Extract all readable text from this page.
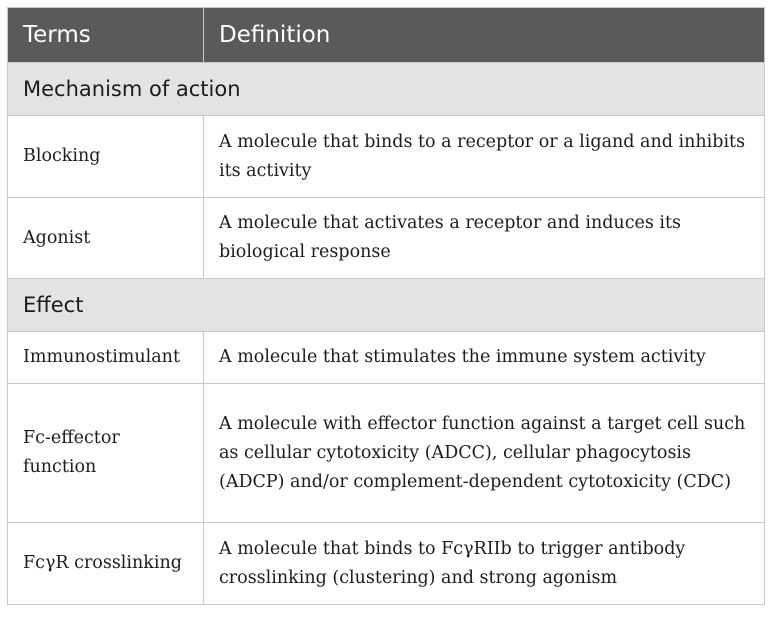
Terms	Definition
Mechanism of action	
Blocking	A molecule that binds to a receptor or a ligand and inhibits its activity
Agonist	A molecule that activates a receptor and induces its biological response
Effect	
Immunostimulant	A molecule that stimulates the immune system activity
Fc-effector function	A molecule with effector function against a target cell such as cellular cytotoxicity (ADCC), cellular phagocytosis (ADCP) and/or complement-dependent cytotoxicity (CDC)
FcγR crosslinking	A molecule that binds to FcγRIIb to trigger antibody crosslinking (clustering) and strong agonism
